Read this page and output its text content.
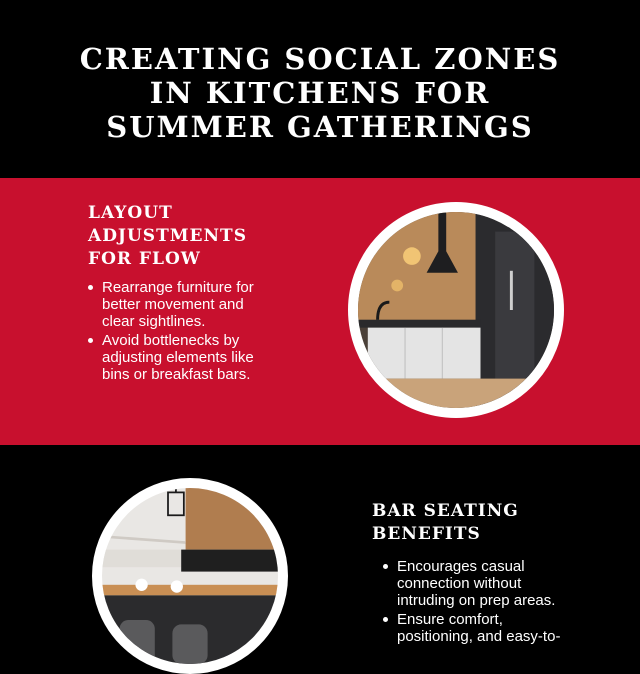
CREATING SOCIAL ZONES
IN KITCHENS FOR
SUMMER GATHERINGS
LAYOUT
ADJUSTMENTS
FOR FLOW
Rearrange furniture for better movement and clear sightlines.
Avoid bottlenecks by adjusting elements like bins or breakfast bars.
BAR SEATING
BENEFITS
Encourages casual connection without intruding on prep areas.
Ensure comfort, positioning, and easy-to-
